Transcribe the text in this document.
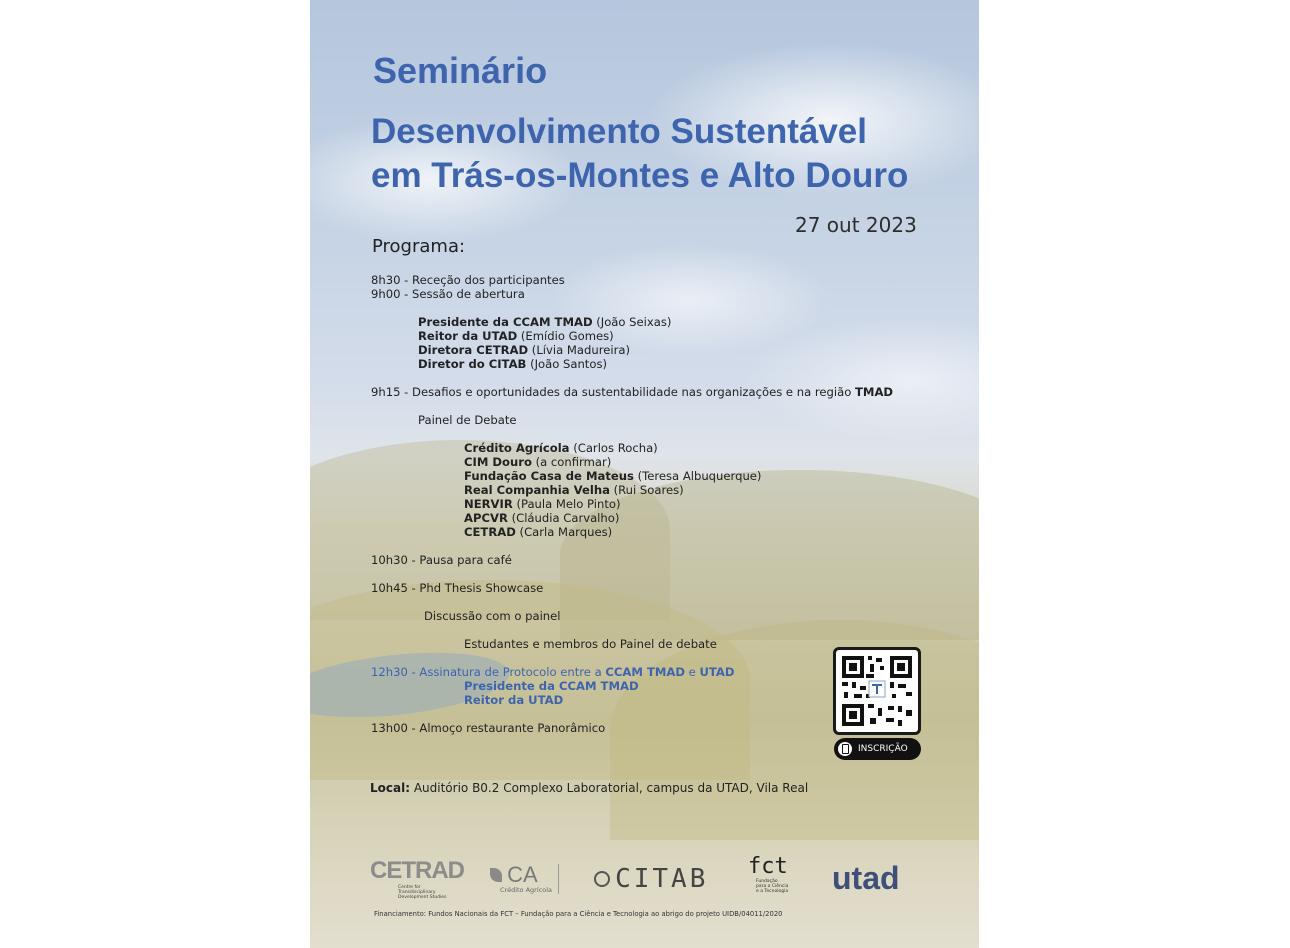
Seminário
Desenvolvimento Sustentável
em Trás-os-Montes e Alto Douro
27 out 2023
Programa:
8h30 - Receção dos participantes
9h00 - Sessão de abertura
Presidente da CCAM TMAD (João Seixas)
Reitor da UTAD (Emídio Gomes)
Diretora CETRAD (Lívia Madureira)
Diretor do CITAB (João Santos)
9h15 - Desafios e oportunidades da sustentabilidade nas organizações e na região TMAD
Painel de Debate
Crédito Agrícola (Carlos Rocha)
CIM Douro (a confirmar)
Fundação Casa de Mateus (Teresa Albuquerque)
Real Companhia Velha (Rui Soares)
NERVIR (Paula Melo Pinto)
APCVR (Cláudia Carvalho)
CETRAD (Carla Marques)
10h30 - Pausa para café
10h45 - Phd Thesis Showcase
Discussão com o painel
Estudantes e membros do Painel de debate
12h30 - Assinatura de Protocolo entre a CCAM TMAD e UTAD
Presidente da CCAM TMAD
Reitor da UTAD
13h00 - Almoço restaurante Panorâmico
INSCRIÇÃO
Local: Auditório B0.2 Complexo Laboratorial, campus da UTAD, Vila Real
CETRAD
Centre for
Transdisciplinary
Development Studies
CA
Crédito Agrícola	CITAB fct
Fundação
para a Ciência
e a Tecnologia utad
Financiamento: Fundos Nacionais da FCT – Fundação para a Ciência e Tecnologia ao abrigo do projeto UIDB/04011/2020
